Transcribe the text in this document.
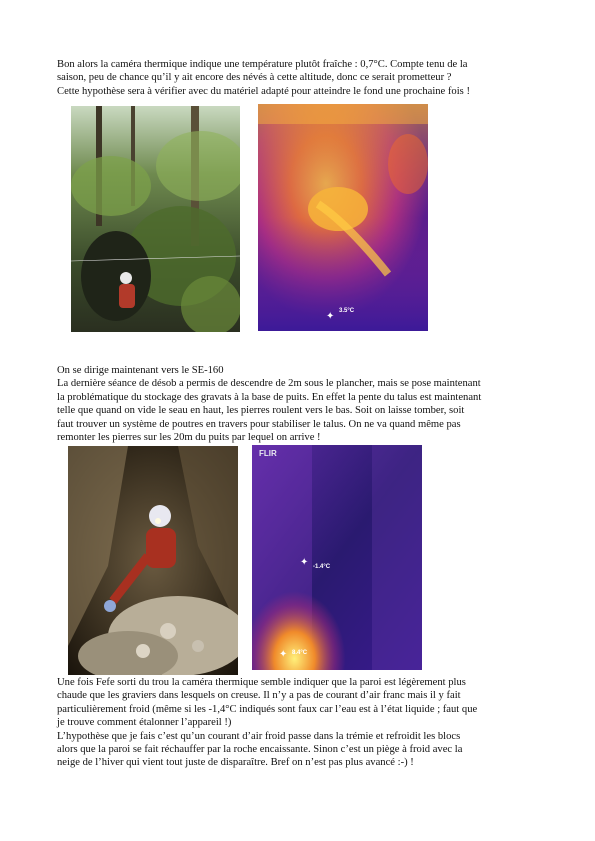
Bon alors la caméra thermique indique une température plutôt fraîche : 0,7°C. Compte tenu de la

saison, peu de chance qu’il y ait encore des névés à cette altitude, donc ce serait prometteur ?

Cette hypothèse sera à vérifier avec du matériel adapté pour atteindre le fond une prochaine fois !

✦ 3.5°C

On se dirige maintenant vers le SE-160

La dernière séance de désob a permis de descendre de 2m sous le plancher, mais se pose maintenant

la problématique du stockage des gravats à la base de puits. En effet la pente du talus est maintenant

telle que quand on vide le seau en haut, les pierres roulent vers le bas. Soit on laisse tomber, soit

faut trouver un système de poutres en travers pour stabiliser le talus. On ne va quand même pas

remonter les pierres sur les 20m du puits par lequel on arrive !

FLIR
✦ -1.4°C
✦ 8.4°C

Une fois Fefe sorti du trou la caméra thermique semble indiquer que la paroi est légèrement plus

chaude que les graviers dans lesquels on creuse. Il n’y a pas de courant d’air franc mais il y fait

particulièrement froid (même si les -1,4°C indiqués sont faux car l’eau est à l’état liquide ; faut que

je trouve comment étalonner l’appareil !)

L’hypothèse que je fais c’est qu’un courant d’air froid passe dans la trémie et refroidit les blocs

alors que la paroi se fait réchauffer par la roche encaissante. Sinon c’est un piège à froid avec la

neige de l’hiver qui vient tout juste de disparaître. Bref on n’est pas plus avancé :-) !
